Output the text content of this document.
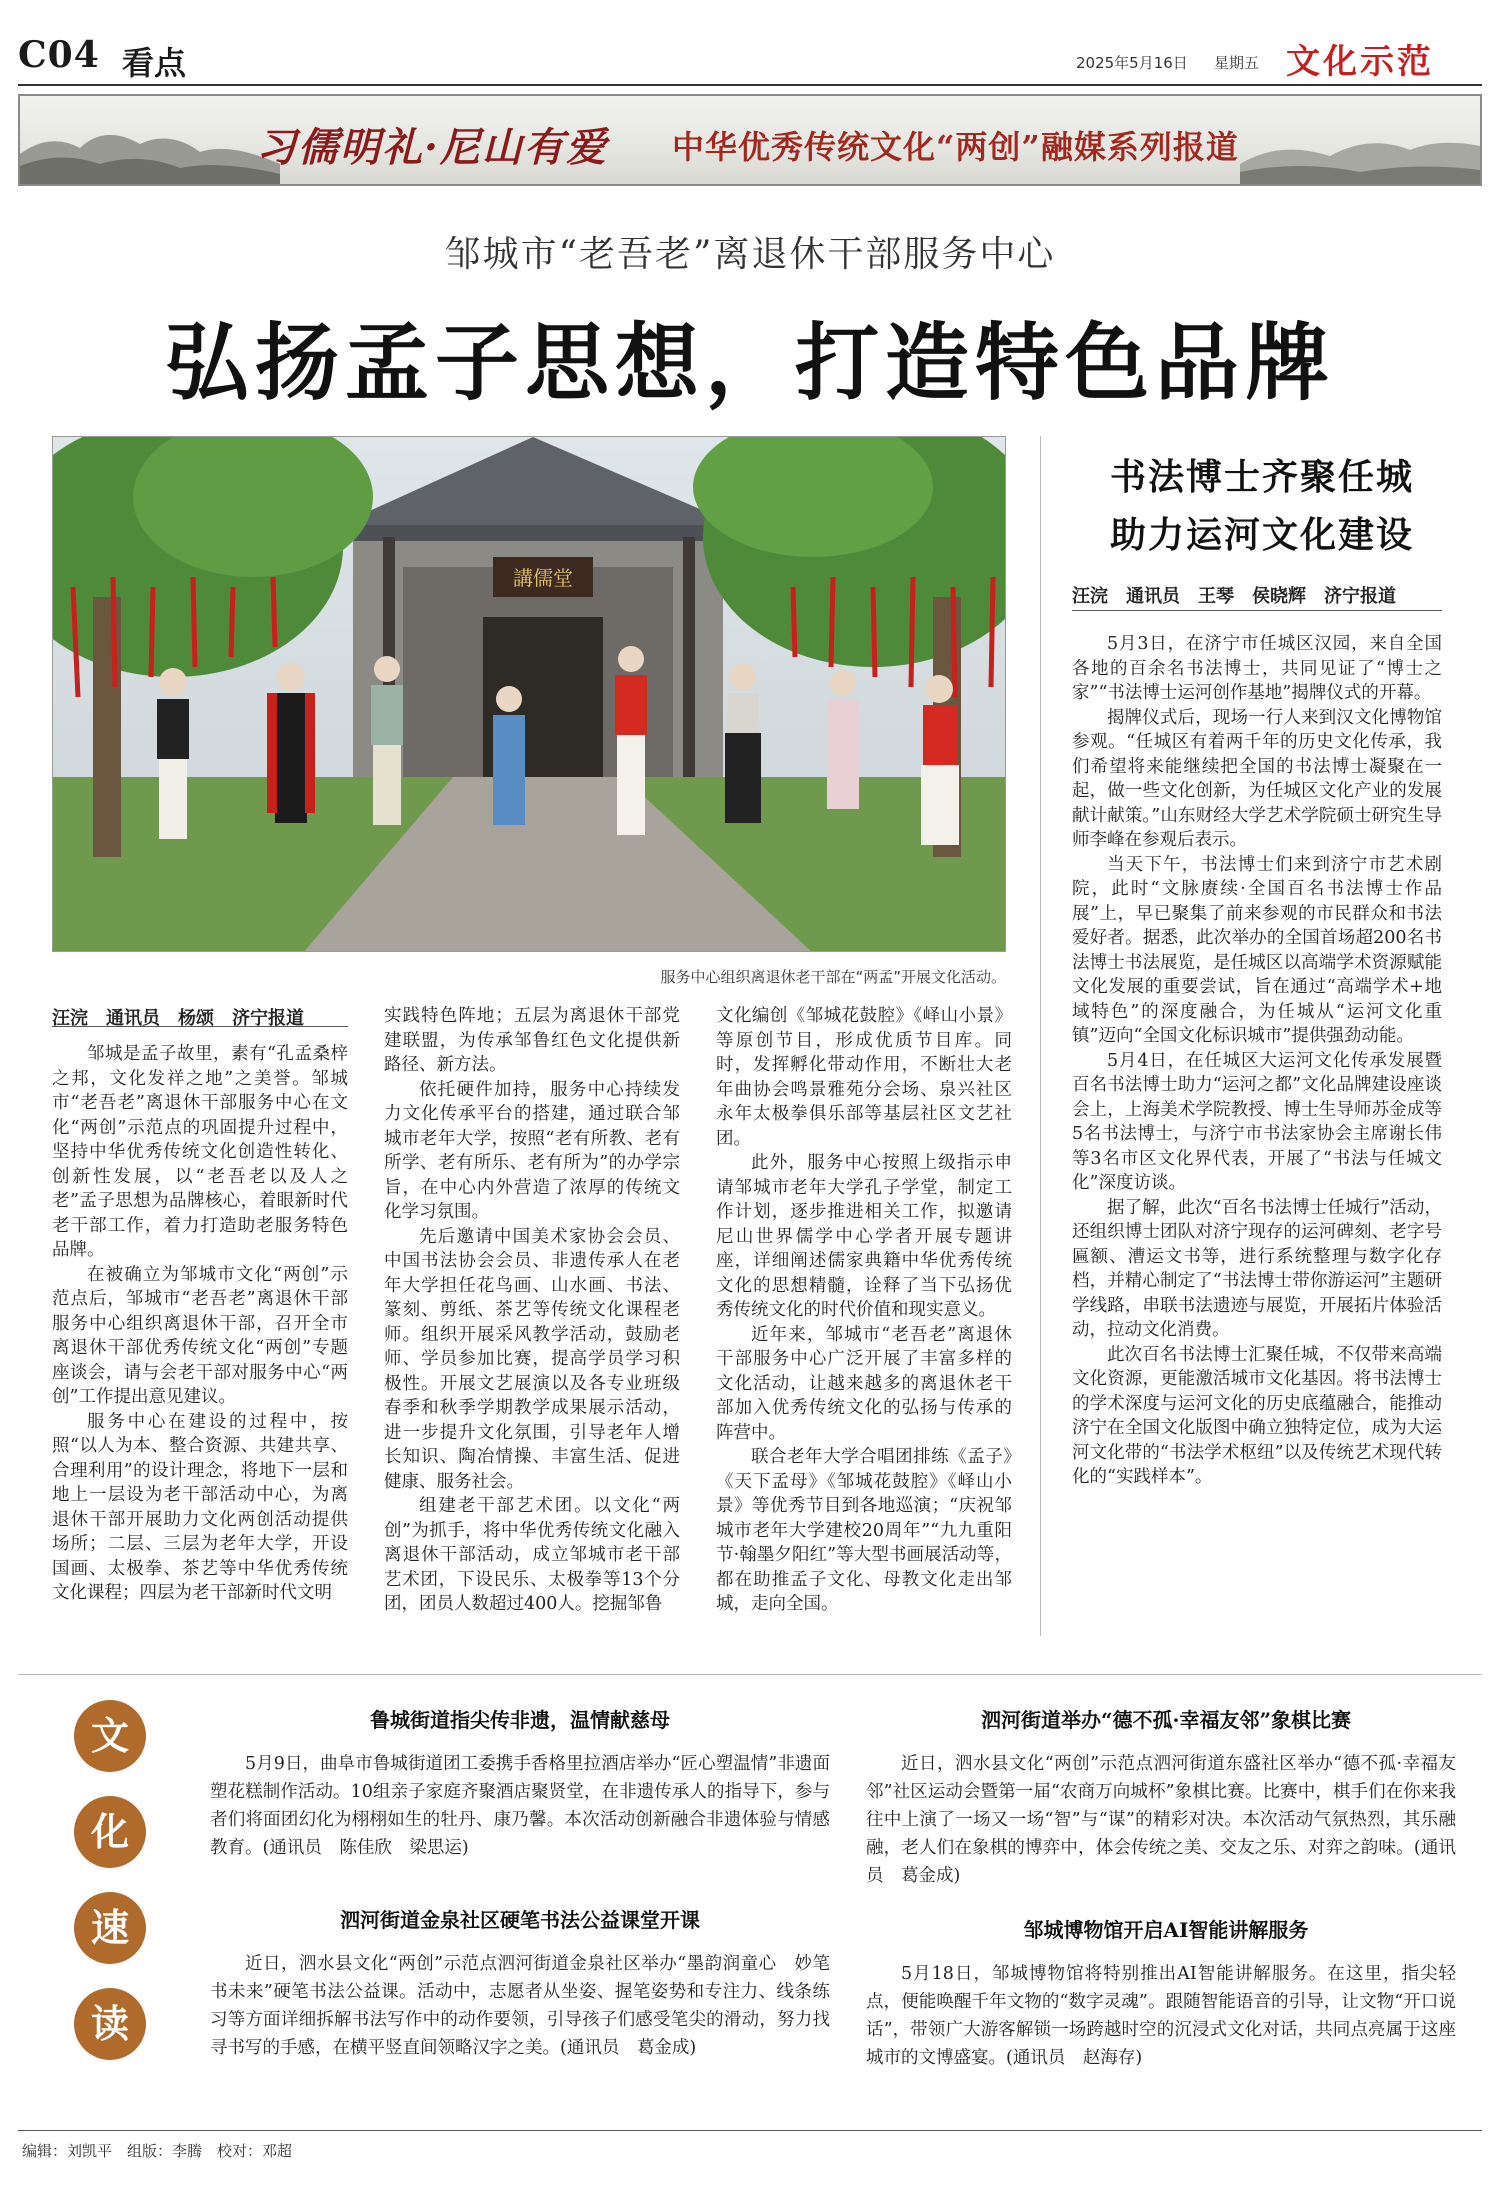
C04 看点	2025年5月16日 星期五 文化示范
习儒明礼·尼山有爱 中华优秀传统文化“两创”融媒系列报道
邹城市“老吾老”离退休干部服务中心
弘扬孟子思想，打造特色品牌
講儒堂
服务中心组织离退休老干部在“两孟”开展文化活动。
汪浣　通讯员　杨颂　济宁报道

邹城是孟子故里，素有“孔孟桑梓之邦，文化发祥之地”之美誉。邹城市“老吾老”离退休干部服务中心在文化“两创”示范点的巩固提升过程中，坚持中华优秀传统文化创造性转化、创新性发展，以“老吾老以及人之老”孟子思想为品牌核心，着眼新时代老干部工作，着力打造助老服务特色品牌。

在被确立为邹城市文化“两创”示范点后，邹城市“老吾老”离退休干部服务中心组织离退休干部，召开全市离退休干部优秀传统文化“两创”专题座谈会，请与会老干部对服务中心“两创”工作提出意见建议。

服务中心在建设的过程中，按照“以人为本、整合资源、共建共享、合理利用”的设计理念，将地下一层和地上一层设为老干部活动中心，为离退休干部开展助力文化两创活动提供场所；二层、三层为老年大学，开设国画、太极拳、茶艺等中华优秀传统文化课程；四层为老干部新时代文明

实践特色阵地；五层为离退休干部党建联盟，为传承邹鲁红色文化提供新路径、新方法。

依托硬件加持，服务中心持续发力文化传承平台的搭建，通过联合邹城市老年大学，按照“老有所教、老有所学、老有所乐、老有所为”的办学宗旨，在中心内外营造了浓厚的传统文化学习氛围。

先后邀请中国美术家协会会员、中国书法协会会员、非遗传承人在老年大学担任花鸟画、山水画、书法、篆刻、剪纸、茶艺等传统文化课程老师。组织开展采风教学活动，鼓励老师、学员参加比赛，提高学员学习积极性。开展文艺展演以及各专业班级春季和秋季学期教学成果展示活动，进一步提升文化氛围，引导老年人增长知识、陶冶情操、丰富生活、促进健康、服务社会。

组建老干部艺术团。以文化“两创”为抓手，将中华优秀传统文化融入离退休干部活动，成立邹城市老干部艺术团，下设民乐、太极拳等13个分团，团员人数超过400人。挖掘邹鲁

文化编创《邹城花鼓腔》《峄山小景》等原创节目，形成优质节目库。同时，发挥孵化带动作用，不断壮大老年曲协会鸣景雅苑分会场、泉兴社区永年太极拳俱乐部等基层社区文艺社团。

此外，服务中心按照上级指示申请邹城市老年大学孔子学堂，制定工作计划，逐步推进相关工作，拟邀请尼山世界儒学中心学者开展专题讲座，详细阐述儒家典籍中华优秀传统文化的思想精髓，诠释了当下弘扬优秀传统文化的时代价值和现实意义。

近年来，邹城市“老吾老”离退休干部服务中心广泛开展了丰富多样的文化活动，让越来越多的离退休老干部加入优秀传统文化的弘扬与传承的阵营中。

联合老年大学合唱团排练《孟子》《天下孟母》《邹城花鼓腔》《峄山小景》等优秀节目到各地巡演；“庆祝邹城市老年大学建校20周年”“九九重阳节·翰墨夕阳红”等大型书画展活动等，都在助推孟子文化、母教文化走出邹城，走向全国。

书法博士齐聚任城
助力运河文化建设
汪浣　通讯员　王琴　侯晓辉　济宁报道

5月3日，在济宁市任城区汉园，来自全国各地的百余名书法博士，共同见证了“博士之家”“书法博士运河创作基地”揭牌仪式的开幕。

揭牌仪式后，现场一行人来到汉文化博物馆参观。“任城区有着两千年的历史文化传承，我们希望将来能继续把全国的书法博士凝聚在一起，做一些文化创新，为任城区文化产业的发展献计献策。”山东财经大学艺术学院硕士研究生导师李峰在参观后表示。

当天下午，书法博士们来到济宁市艺术剧院，此时“文脉赓续·全国百名书法博士作品展”上，早已聚集了前来参观的市民群众和书法爱好者。据悉，此次举办的全国首场超200名书法博士书法展览，是任城区以高端学术资源赋能文化发展的重要尝试，旨在通过“高端学术+地域特色”的深度融合，为任城从“运河文化重镇”迈向“全国文化标识城市”提供强劲动能。

5月4日，在任城区大运河文化传承发展暨百名书法博士助力“运河之都”文化品牌建设座谈会上，上海美术学院教授、博士生导师苏金成等5名书法博士，与济宁市书法家协会主席谢长伟等3名市区文化界代表，开展了“书法与任城文化”深度访谈。

据了解，此次“百名书法博士任城行”活动，还组织博士团队对济宁现存的运河碑刻、老字号匾额、漕运文书等，进行系统整理与数字化存档，并精心制定了“书法博士带你游运河”主题研学线路，串联书法遗迹与展览，开展拓片体验活动，拉动文化消费。

此次百名书法博士汇聚任城，不仅带来高端文化资源，更能激活城市文化基因。将书法博士的学术深度与运河文化的历史底蕴融合，能推动济宁在全国文化版图中确立独特定位，成为大运河文化带的“书法学术枢纽”以及传统艺术现代转化的“实践样本”。

文
化
速
读
鲁城街道指尖传非遗，温情献慈母

5月9日，曲阜市鲁城街道团工委携手香格里拉酒店举办“匠心塑温情”非遗面塑花糕制作活动。10组亲子家庭齐聚酒店聚贤堂，在非遗传承人的指导下，参与者们将面团幻化为栩栩如生的牡丹、康乃馨。本次活动创新融合非遗体验与情感教育。(通讯员　陈佳欣　梁思运)

泗河街道金泉社区硬笔书法公益课堂开课

近日，泗水县文化“两创”示范点泗河街道金泉社区举办“墨韵润童心　妙笔书未来”硬笔书法公益课。活动中，志愿者从坐姿、握笔姿势和专注力、线条练习等方面详细拆解书法写作中的动作要领，引导孩子们感受笔尖的滑动，努力找寻书写的手感，在横平竖直间领略汉字之美。(通讯员　葛金成)

泗河街道举办“德不孤·幸福友邻”象棋比赛

近日，泗水县文化“两创”示范点泗河街道东盛社区举办“德不孤·幸福友邻”社区运动会暨第一届“农商万向城杯”象棋比赛。比赛中，棋手们在你来我往中上演了一场又一场“智”与“谋”的精彩对决。本次活动气氛热烈，其乐融融，老人们在象棋的博弈中，体会传统之美、交友之乐、对弈之韵味。(通讯员　葛金成)

邹城博物馆开启AI智能讲解服务

5月18日，邹城博物馆将特别推出AI智能讲解服务。在这里，指尖轻点，便能唤醒千年文物的“数字灵魂”。跟随智能语音的引导，让文物“开口说话”，带领广大游客解锁一场跨越时空的沉浸式文化对话，共同点亮属于这座城市的文博盛宴。(通讯员　赵海存)

编辑：刘凯平　组版：李腾　校对：邓超
